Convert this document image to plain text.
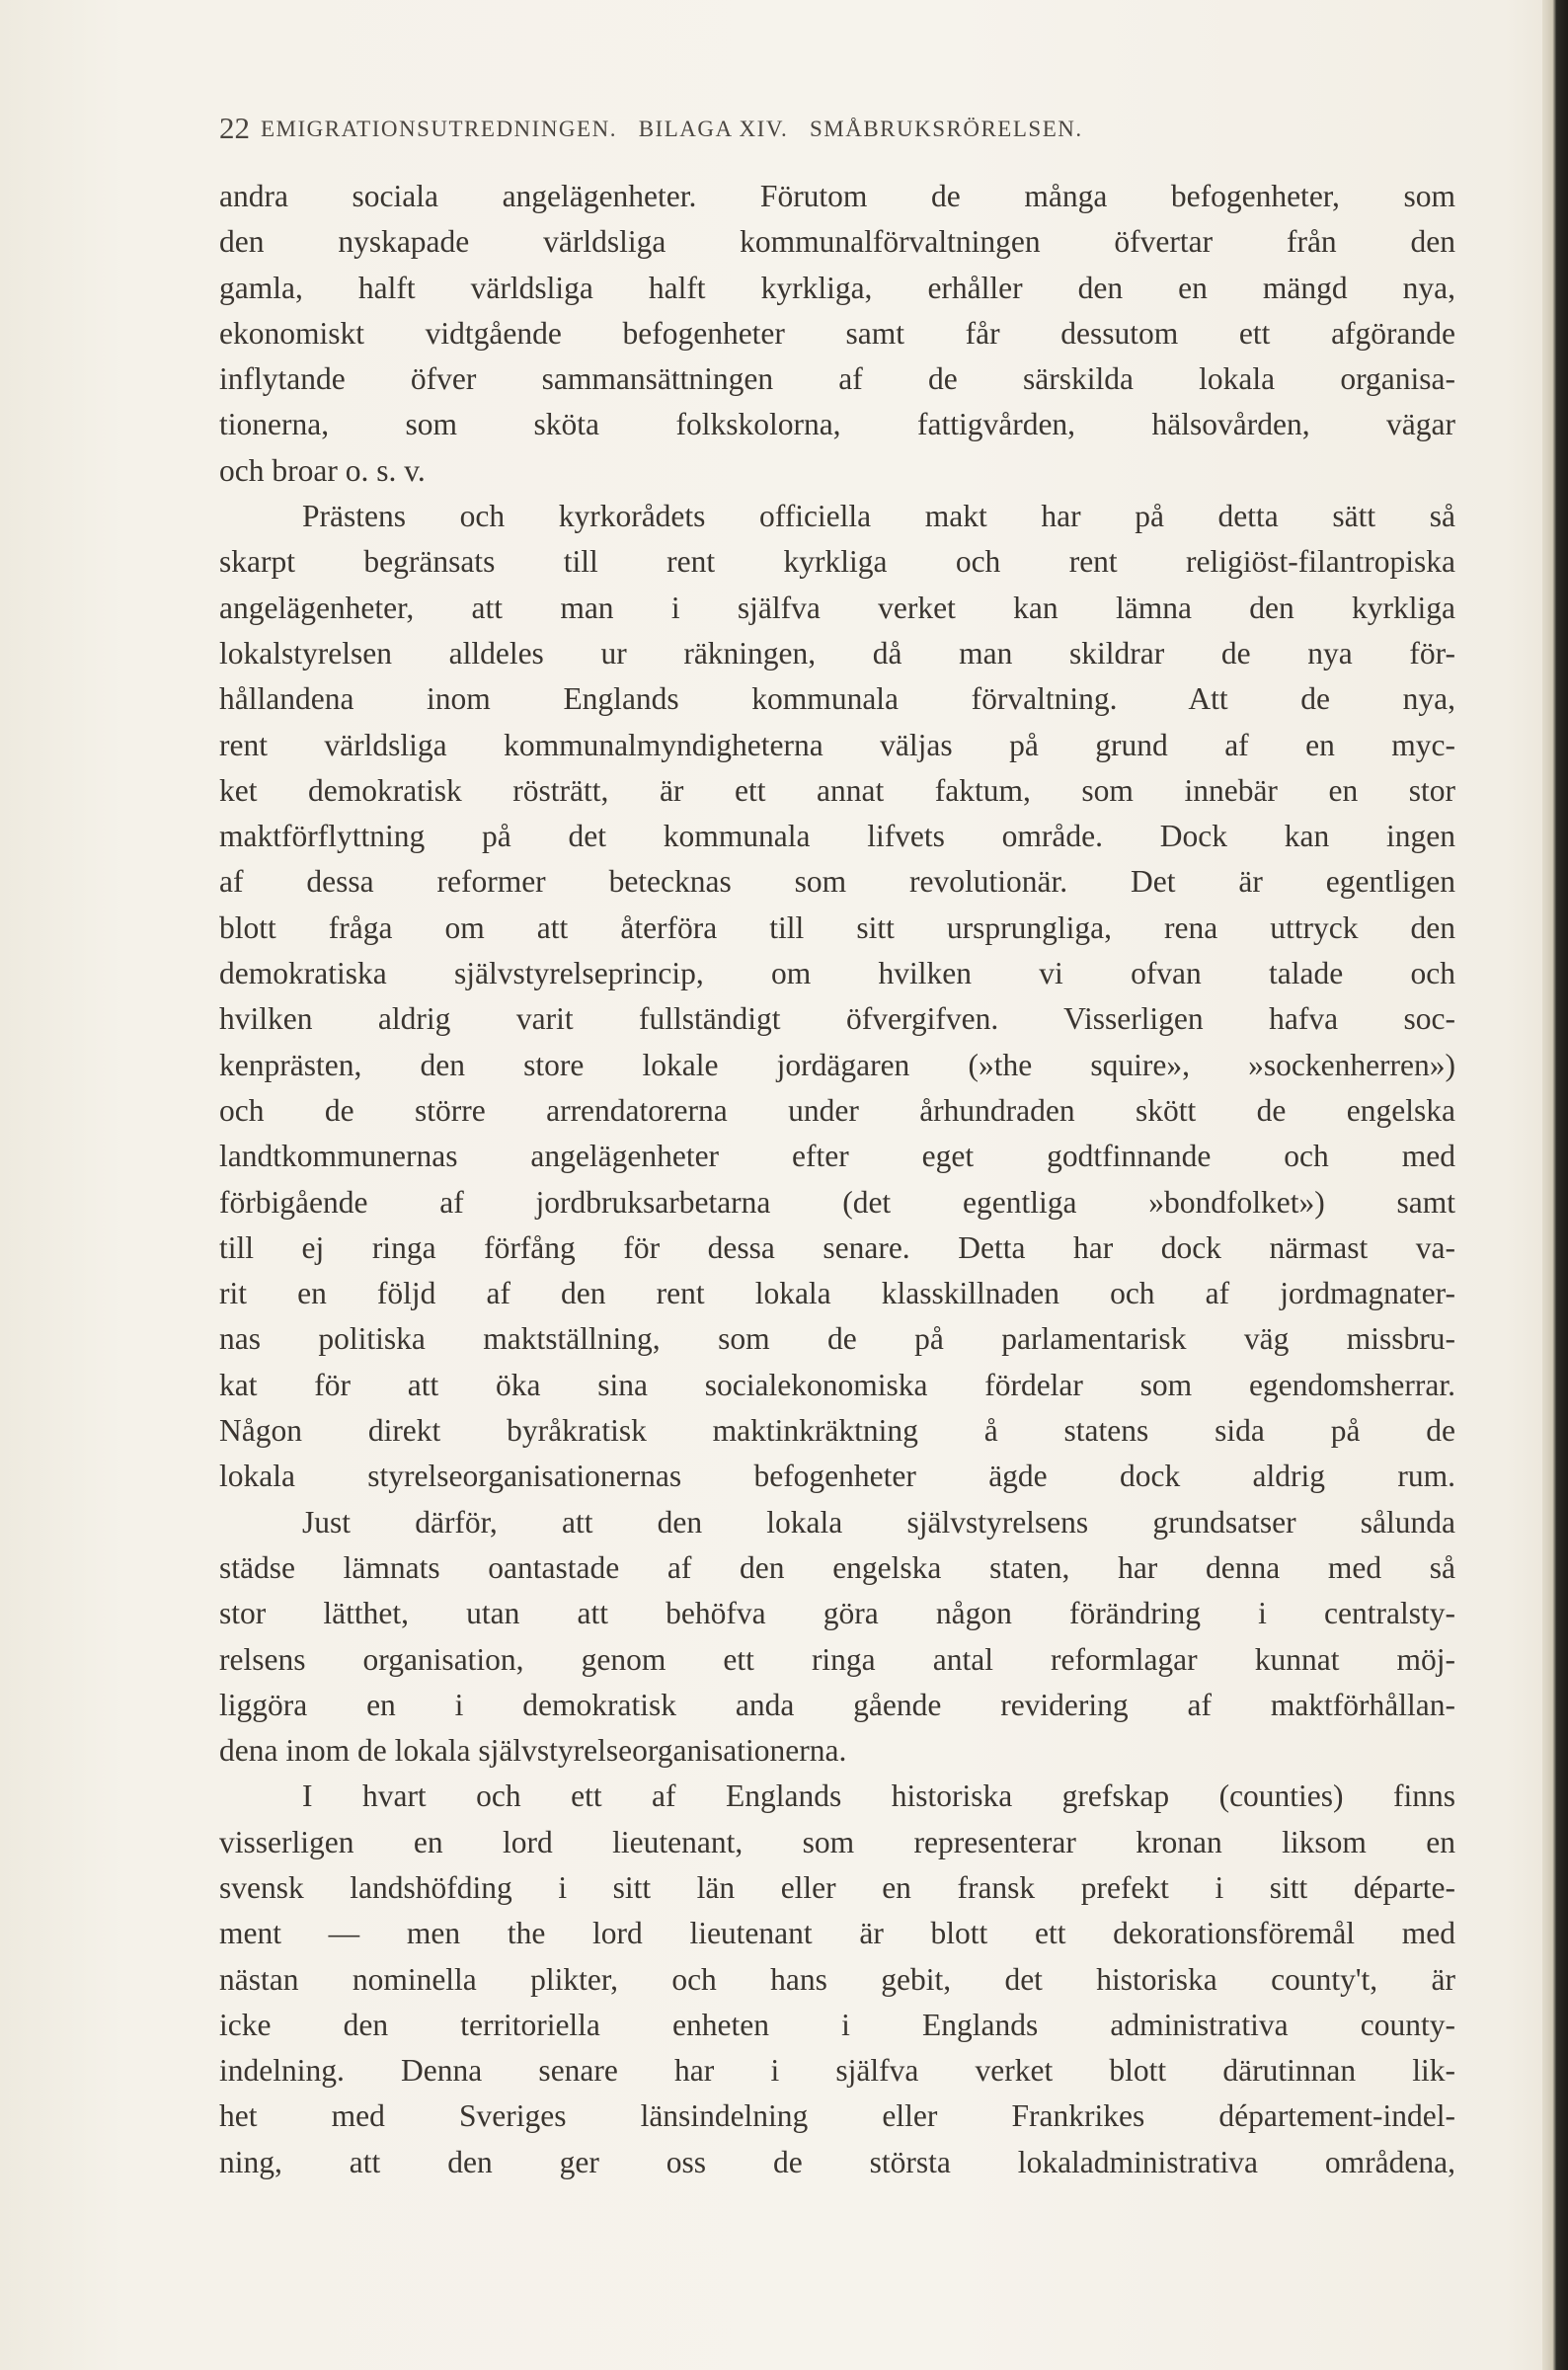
22 EMIGRATIONSUTREDNINGEN.   BILAGA XIV.   SMÅBRUKSRÖRELSEN.
andra sociala angelägenheter. Förutom de många befogenheter, som
den nyskapade världsliga kommunalförvaltningen öfvertar från den
gamla, halft världsliga halft kyrkliga, erhåller den en mängd nya,
ekonomiskt vidtgående befogenheter samt får dessutom ett afgörande
inflytande öfver sammansättningen af de särskilda lokala organisa-
tionerna, som sköta folkskolorna, fattigvården, hälsovården, vägar
och broar o. s. v.
Prästens och kyrkorådets officiella makt har på detta sätt så
skarpt begränsats till rent kyrkliga och rent religiöst-filantropiska
angelägenheter, att man i själfva verket kan lämna den kyrkliga
lokalstyrelsen alldeles ur räkningen, då man skildrar de nya för-
hållandena inom Englands kommunala förvaltning. Att de nya,
rent världsliga kommunalmyndigheterna väljas på grund af en myc-
ket demokratisk rösträtt, är ett annat faktum, som innebär en stor
maktförflyttning på det kommunala lifvets område. Dock kan ingen
af dessa reformer betecknas som revolutionär. Det är egentligen
blott fråga om att återföra till sitt ursprungliga, rena uttryck den
demokratiska självstyrelseprincip, om hvilken vi ofvan talade och
hvilken aldrig varit fullständigt öfvergifven. Visserligen hafva soc-
kenprästen, den store lokale jordägaren (»the squire», »sockenherren»)
och de större arrendatorerna under århundraden skött de engelska
landtkommunernas angelägenheter efter eget godtfinnande och med
förbigående af jordbruksarbetarna (det egentliga »bondfolket») samt
till ej ringa förfång för dessa senare. Detta har dock närmast va-
rit en följd af den rent lokala klasskillnaden och af jordmagnater-
nas politiska maktställning, som de på parlamentarisk väg missbru-
kat för att öka sina socialekonomiska fördelar som egendomsherrar.
Någon direkt byråkratisk maktinkräktning å statens sida på de
lokala styrelseorganisationernas befogenheter ägde dock aldrig rum.
Just därför, att den lokala självstyrelsens grundsatser sålunda
städse lämnats oantastade af den engelska staten, har denna med så
stor lätthet, utan att behöfva göra någon förändring i centralsty-
relsens organisation, genom ett ringa antal reformlagar kunnat möj-
liggöra en i demokratisk anda gående revidering af maktförhållan-
dena inom de lokala självstyrelseorganisationerna.
I hvart och ett af Englands historiska grefskap (counties) finns
visserligen en lord lieutenant, som representerar kronan liksom en
svensk landshöfding i sitt län eller en fransk prefekt i sitt départe-
ment — men the lord lieutenant är blott ett dekorationsföremål med
nästan nominella plikter, och hans gebit, det historiska county't, är
icke den territoriella enheten i Englands administrativa county-
indelning. Denna senare har i själfva verket blott därutinnan lik-
het med Sveriges länsindelning eller Frankrikes département-indel-
ning, att den ger oss de största lokaladministrativa områdena,
